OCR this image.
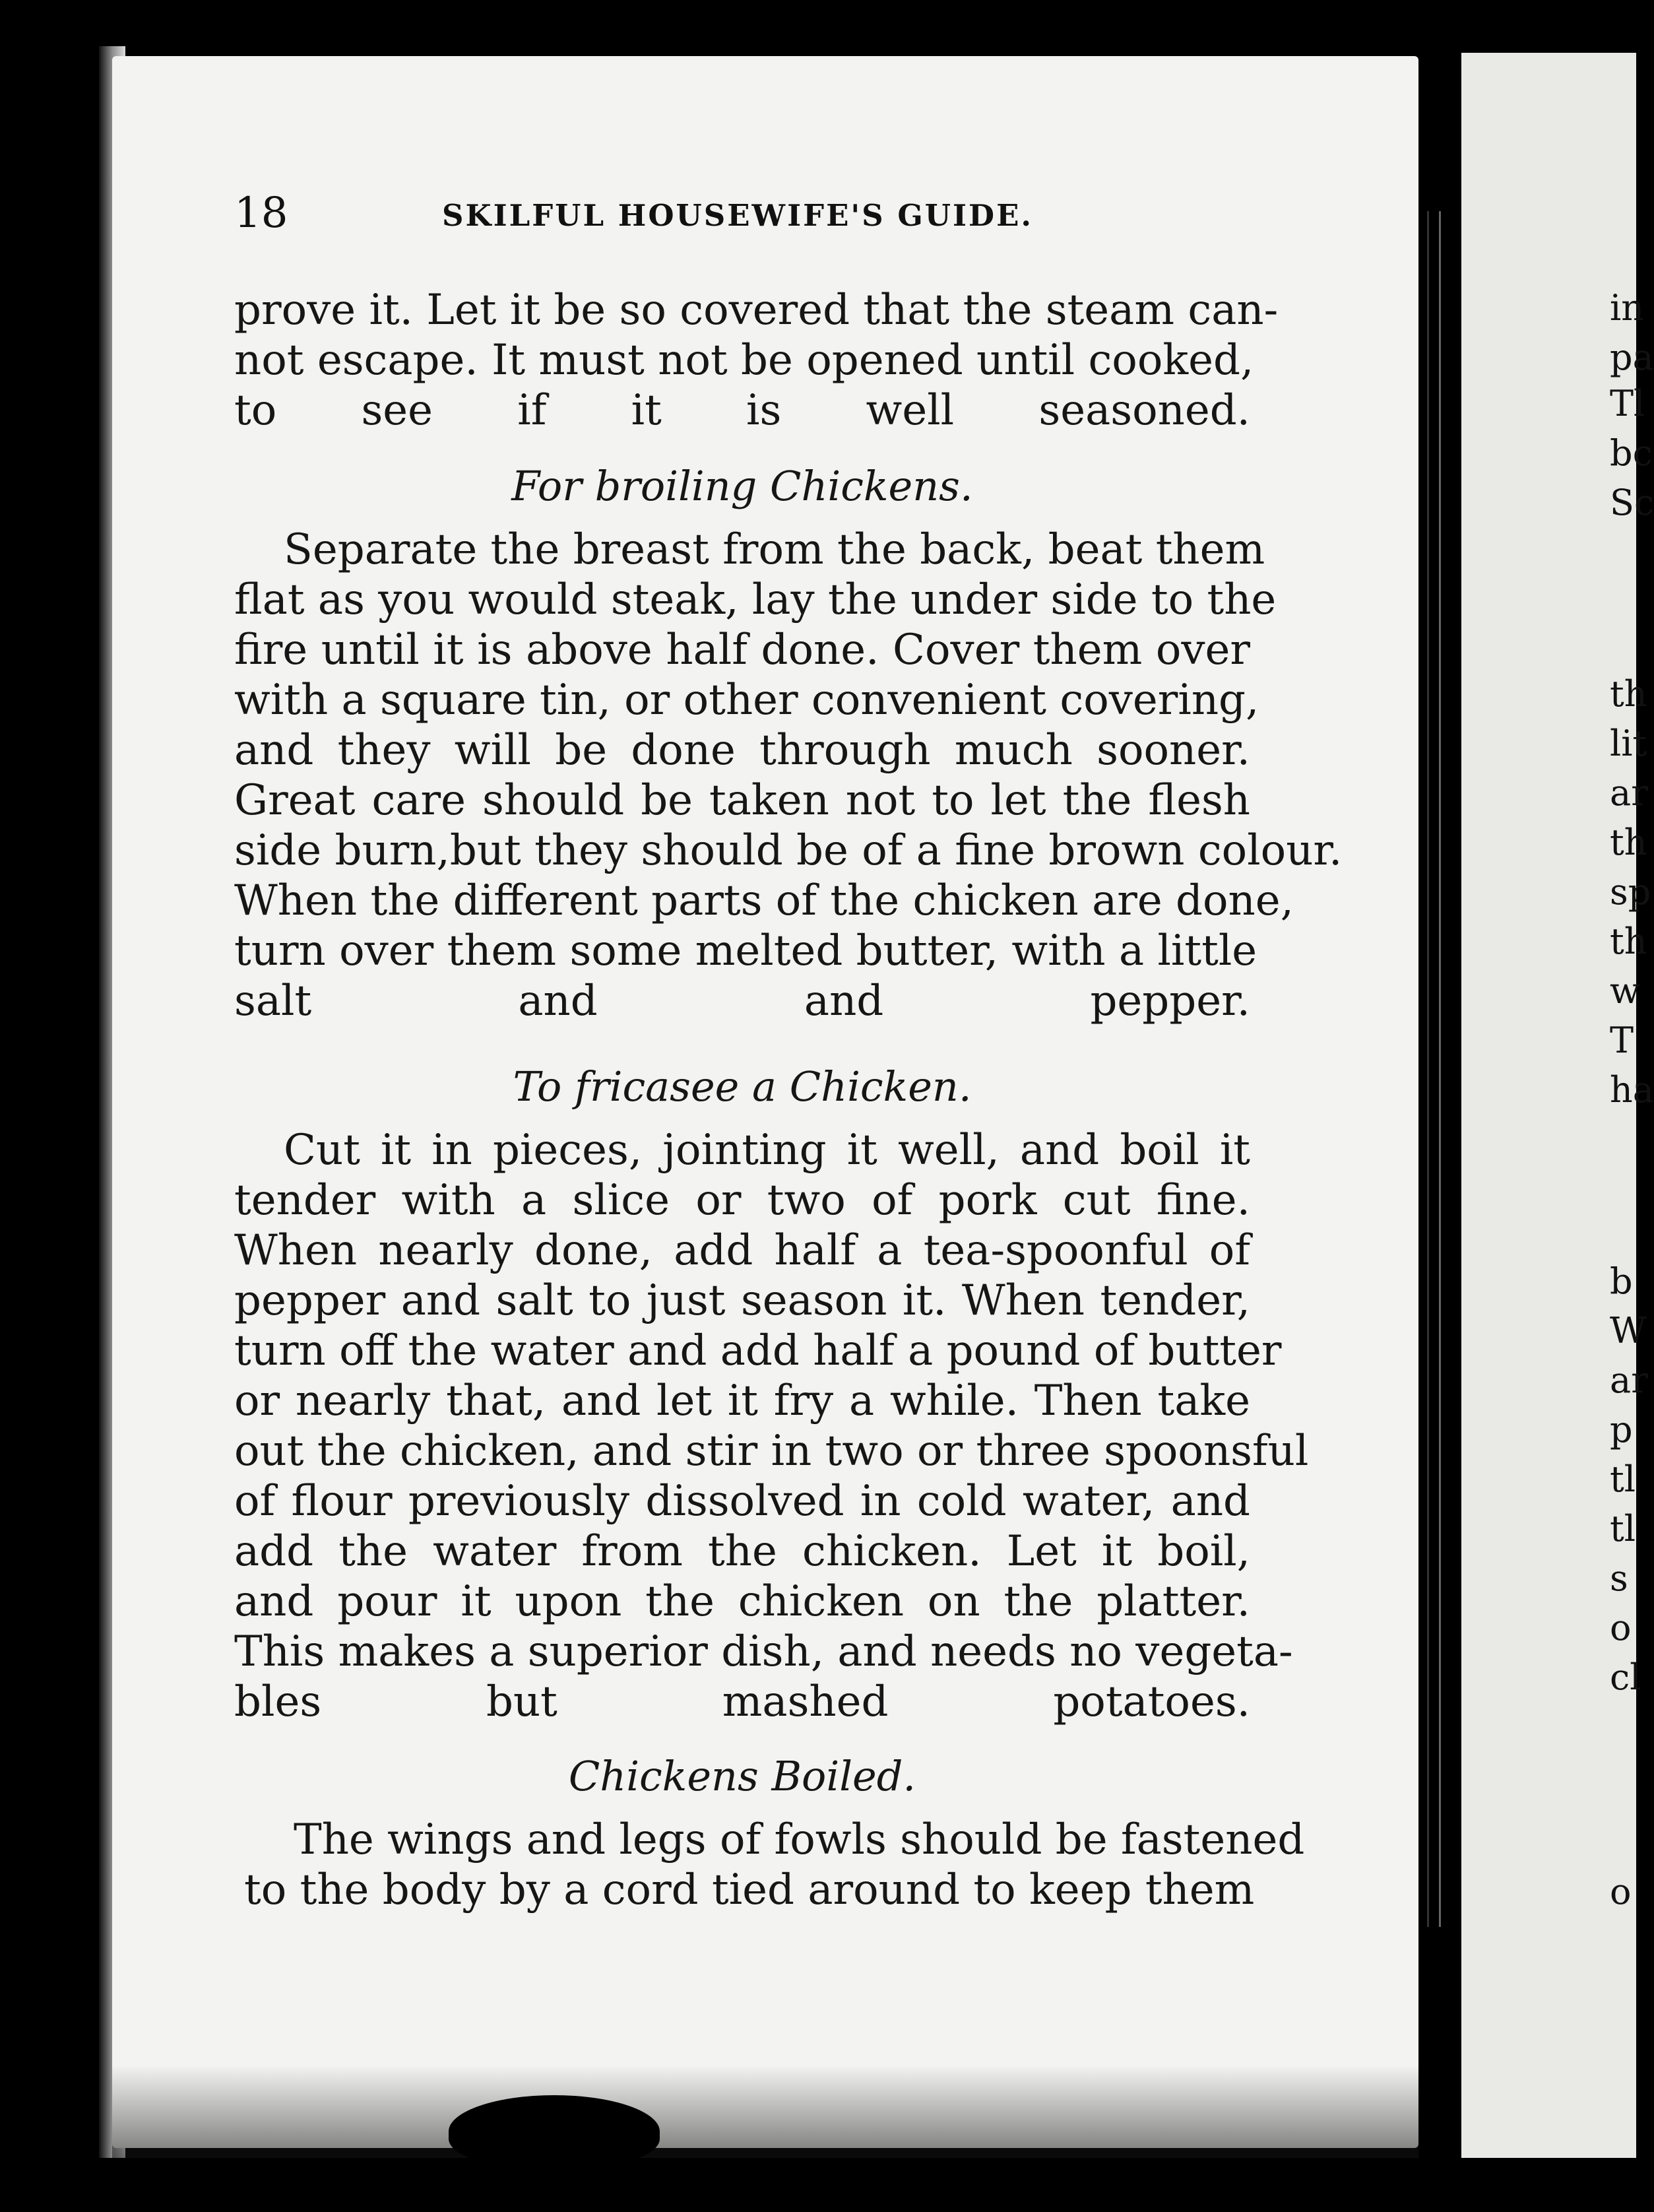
in
pa
Tl
bc
Sc
th
lit
ar
th
sp
th
w
T
ha
b
W
ar
p
tl
tl
s
o
cl
o
18	SKILFUL HOUSEWIFE'S GUIDE.
prove it. Let it be so covered that the steam can-
not escape. It must not be opened until cooked,
to see if it is well seasoned.
For broiling Chickens.
Separate the breast from the back, beat them
flat as you would steak, lay the under side to the
fire until it is above half done. Cover them over
with a square tin, or other convenient covering,
and they will be done through much sooner.
Great care should be taken not to let the flesh
side burn,but they should be of a fine brown colour.
When the different parts of the chicken are done,
turn over them some melted butter, with a little
salt and and pepper.
To fricasee a Chicken.
Cut it in pieces, jointing it well, and boil it
tender with a slice or two of pork cut fine.
When nearly done, add half a tea-spoonful of
pepper and salt to just season it. When tender,
turn off the water and add half a pound of butter
or nearly that, and let it fry a while. Then take
out the chicken, and stir in two or three spoonsful
of flour previously dissolved in cold water, and
add the water from the chicken. Let it boil,
and pour it upon the chicken on the platter.
This makes a superior dish, and needs no vegeta-
bles but mashed potatoes.
Chickens Boiled.
The wings and legs of fowls should be fastened
to the body by a cord tied around to keep them
